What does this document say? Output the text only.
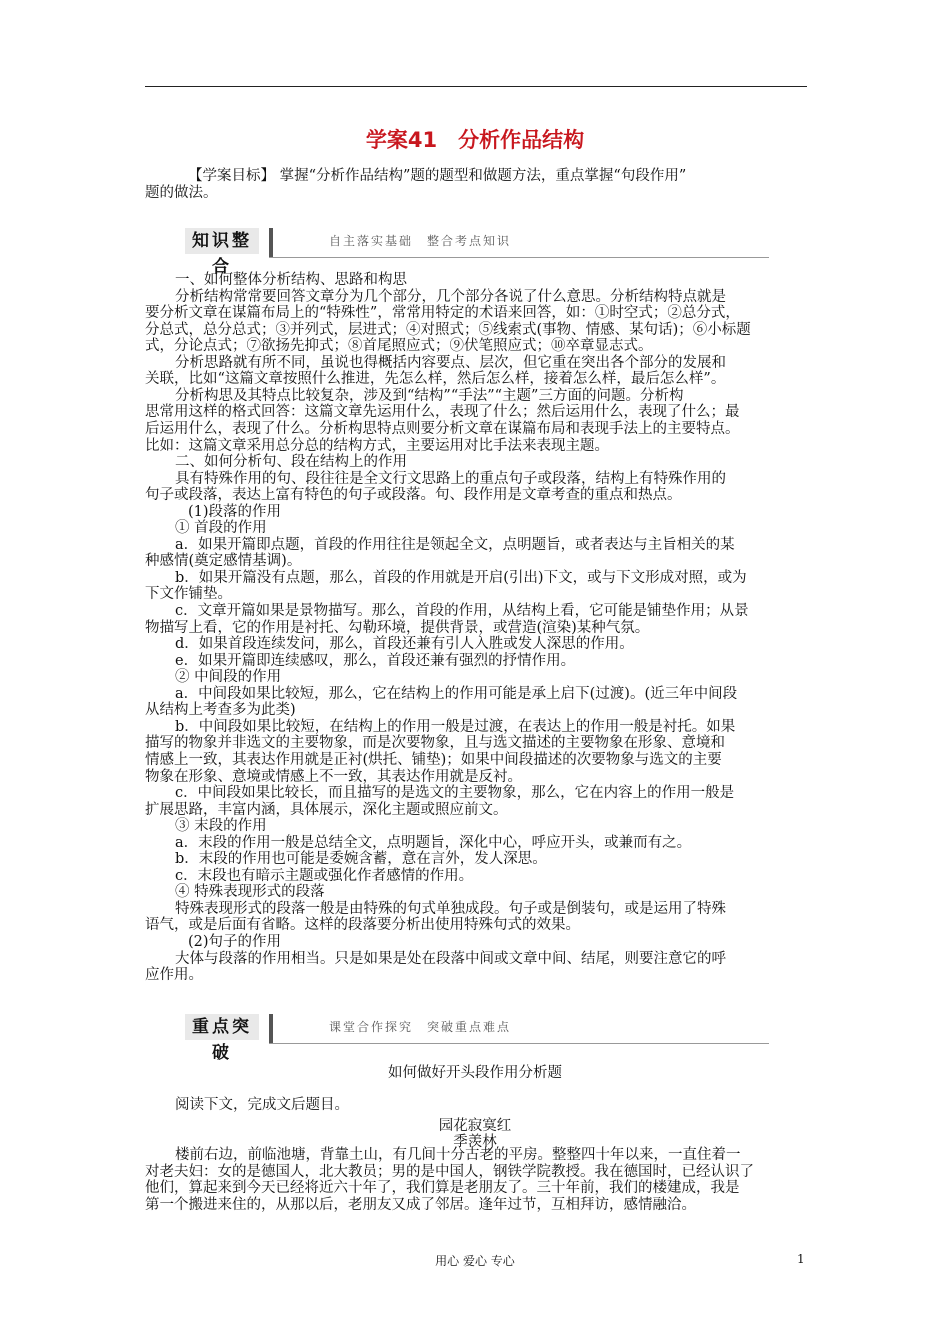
学案41　分析作品结构
【学案目标】 掌握“分析作品结构”题的题型和做题方法，重点掌握“句段作用”
题的做法。
知识整合
自主落实基础　整合考点知识
一、如何整体分析结构、思路和构思
分析结构常常要回答文章分为几个部分，几个部分各说了什么意思。分析结构特点就是
要分析文章在谋篇布局上的“特殊性”，常常用特定的术语来回答，如：①时空式；②总分式，
分总式，总分总式；③并列式，层进式；④对照式；⑤线索式(事物、情感、某句话)；⑥小标题
式，分论点式；⑦欲扬先抑式；⑧首尾照应式；⑨伏笔照应式；⑩卒章显志式。
分析思路就有所不同，虽说也得概括内容要点、层次，但它重在突出各个部分的发展和
关联，比如“这篇文章按照什么推进，先怎么样，然后怎么样，接着怎么样，最后怎么样”。
分析构思及其特点比较复杂，涉及到“结构”“手法”“主题”三方面的问题。分析构
思常用这样的格式回答：这篇文章先运用什么，表现了什么；然后运用什么，表现了什么；最
后运用什么，表现了什么。分析构思特点则要分析文章在谋篇布局和表现手法上的主要特点。
比如：这篇文章采用总分总的结构方式，主要运用对比手法来表现主题。
二、如何分析句、段在结构上的作用
具有特殊作用的句、段往往是全文行文思路上的重点句子或段落，结构上有特殊作用的
句子或段落，表达上富有特色的句子或段落。句、段作用是文章考查的重点和热点。
(1)段落的作用
① 首段的作用
a．如果开篇即点题，首段的作用往往是领起全文，点明题旨，或者表达与主旨相关的某
种感情(奠定感情基调)。
b．如果开篇没有点题，那么，首段的作用就是开启(引出)下文，或与下文形成对照，或为
下文作铺垫。
c．文章开篇如果是景物描写。那么，首段的作用，从结构上看，它可能是铺垫作用；从景
物描写上看，它的作用是衬托、勾勒环境，提供背景，或营造(渲染)某种气氛。
d．如果首段连续发问，那么，首段还兼有引人入胜或发人深思的作用。
e．如果开篇即连续感叹，那么，首段还兼有强烈的抒情作用。
② 中间段的作用
a．中间段如果比较短，那么，它在结构上的作用可能是承上启下(过渡)。(近三年中间段
从结构上考查多为此类)
b．中间段如果比较短，在结构上的作用一般是过渡，在表达上的作用一般是衬托。如果
描写的物象并非选文的主要物象，而是次要物象，且与选文描述的主要物象在形象、意境和
情感上一致，其表达作用就是正衬(烘托、铺垫)；如果中间段描述的次要物象与选文的主要
物象在形象、意境或情感上不一致，其表达作用就是反衬。
c．中间段如果比较长，而且描写的是选文的主要物象，那么，它在内容上的作用一般是
扩展思路，丰富内涵，具体展示，深化主题或照应前文。
③ 末段的作用
a．末段的作用一般是总结全文，点明题旨，深化中心，呼应开头，或兼而有之。
b．末段的作用也可能是委婉含蓄，意在言外，发人深思。
c．末段也有暗示主题或强化作者感情的作用。
④ 特殊表现形式的段落
特殊表现形式的段落一般是由特殊的句式单独成段。句子或是倒装句，或是运用了特殊
语气，或是后面有省略。这样的段落要分析出使用特殊句式的效果。
(2)句子的作用
大体与段落的作用相当。只是如果是处在段落中间或文章中间、结尾，则要注意它的呼
应作用。
重点突破
课堂合作探究　突破重点难点
如何做好开头段作用分析题
阅读下文，完成文后题目。
园花寂寞红
季羡林
楼前右边，前临池塘，背靠土山，有几间十分古老的平房。整整四十年以来，一直住着一
对老夫妇：女的是德国人，北大教员；男的是中国人，钢铁学院教授。我在德国时，已经认识了
他们，算起来到今天已经将近六十年了，我们算是老朋友了。三十年前，我们的楼建成，我是
第一个搬进来住的，从那以后，老朋友又成了邻居。逢年过节，互相拜访，感情融洽。
用心 爱心 专心	1
